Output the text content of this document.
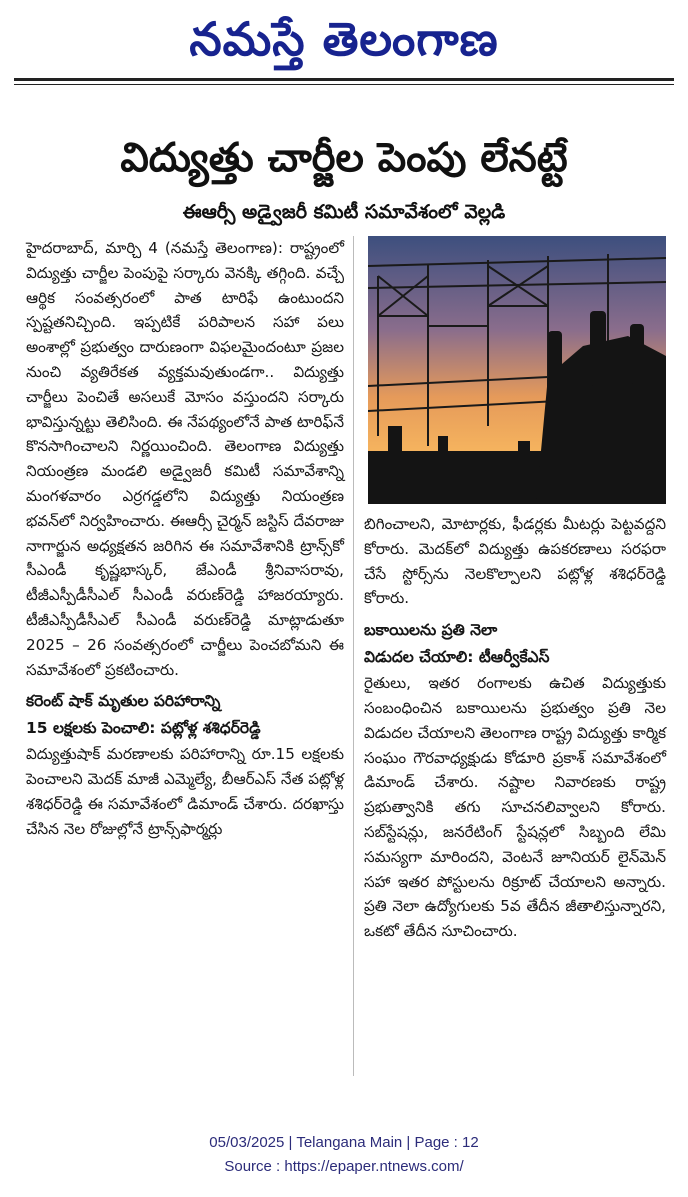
నమస్తే తెలంగాణ
విద్యుత్తు చార్జీల పెంపు లేనట్టే
ఈఆర్సీ అడ్వైజరీ కమిటీ సమావేశంలో వెల్లడి

హైదరాబాద్, మార్చి 4 (నమస్తే తెలంగాణ): రాష్ట్రంలో విద్యుత్తు చార్జీల పెంపుపై సర్కారు వెనక్కి తగ్గింది. వచ్చే ఆర్థిక సంవత్సరంలో పాత టారిఫే ఉంటుందని స్పష్టతనిచ్చింది. ఇప్పటికే పరిపాలన సహా పలు అంశాల్లో ప్రభుత్వం దారుణంగా విఫలమైందంటూ ప్రజల నుంచి వ్యతిరేకత వ్యక్తమవుతుండగా.. విద్యుత్తు చార్జీలు పెంచితే అసలుకే మోసం వస్తుందని సర్కారు భావిస్తున్నట్టు తెలిసింది. ఈ నేపథ్యంలోనే పాత టారిఫ్‌నే కొనసాగించాలని నిర్ణయించింది. తెలంగాణ విద్యుత్తు నియంత్రణ మండలి అడ్వైజరీ కమిటీ సమావేశాన్ని మంగళవారం ఎర్రగడ్డలోని విద్యుత్తు నియంత్రణ భవన్‌లో నిర్వహించారు. ఈఆర్సీ చైర్మన్ జస్టిస్ దేవరాజు నాగార్జున అధ్యక్షతన జరిగిన ఈ సమావేశానికి ట్రాన్స్‌కో సీఎండీ కృష్ణభాస్కర్, జేఎండీ శ్రీనివాసరావు, టీజీఎస్పీడీసీఎల్ సీఎండీ వరుణ్‌రెడ్డి హాజరయ్యారు. టీజీఎస్పీడీసీఎల్ సీఎండీ వరుణ్‌రెడ్డి మాట్లాడుతూ 2025 – 26 సంవత్సరంలో చార్జీలు పెంచబోమని ఈ సమావేశంలో ప్రకటించారు.

కరెంట్ షాక్ మృతుల పరిహారాన్ని

15 లక్షలకు పెంచాలి: పట్లోళ్ల శశిధర్‌రెడ్డి

విద్యుత్తుషాక్ మరణాలకు పరిహారాన్ని రూ.15 లక్షలకు పెంచాలని మెదక్ మాజీ ఎమ్మెల్యే, బీఆర్‌ఎస్ నేత పట్లోళ్ల శశిధర్‌రెడ్డి ఈ సమావేశంలో డిమాండ్ చేశారు. దరఖాస్తు చేసిన నెల రోజుల్లోనే ట్రాన్స్‌ఫార్మర్లు

బిగించాలని, మోటార్లకు, ఫీడర్లకు మీటర్లు పెట్టవద్దని కోరారు. మెదక్‌లో విద్యుత్తు ఉపకరణాలు సరఫరా చేసే స్టోర్స్‌ను నెలకొల్పాలని పట్లోళ్ల శశిధర్‌రెడ్డి కోరారు.

బకాయిలను ప్రతి నెలా

విడుదల చేయాలి: టీఆర్వీకేఎస్

రైతులు, ఇతర రంగాలకు ఉచిత విద్యుత్తుకు సంబంధించిన బకాయిలను ప్రభుత్వం ప్రతి నెల విడుదల చేయాలని తెలంగాణ రాష్ట్ర విద్యుత్తు కార్మిక సంఘం గౌరవాధ్యక్షుడు కోడూరి ప్రకాశ్ సమావేశంలో డిమాండ్ చేశారు. నష్టాల నివారణకు రాష్ట్ర ప్రభుత్వానికి తగు సూచనలివ్వాలని కోరారు. సబ్‌స్టేషన్లు, జనరేటింగ్ స్టేషన్లలో సిబ్బంది లేమి సమస్యగా మారిందని, వెంటనే జూనియర్ లైన్‌మెన్ సహా ఇతర పోస్టులను రిక్రూట్ చేయాలని అన్నారు. ప్రతి నెలా ఉద్యోగులకు 5వ తేదీన జీతాలిస్తున్నారని, ఒకటో తేదీన సూచించారు.

05/03/2025 | Telangana Main | Page : 12
Source : https://epaper.ntnews.com/
